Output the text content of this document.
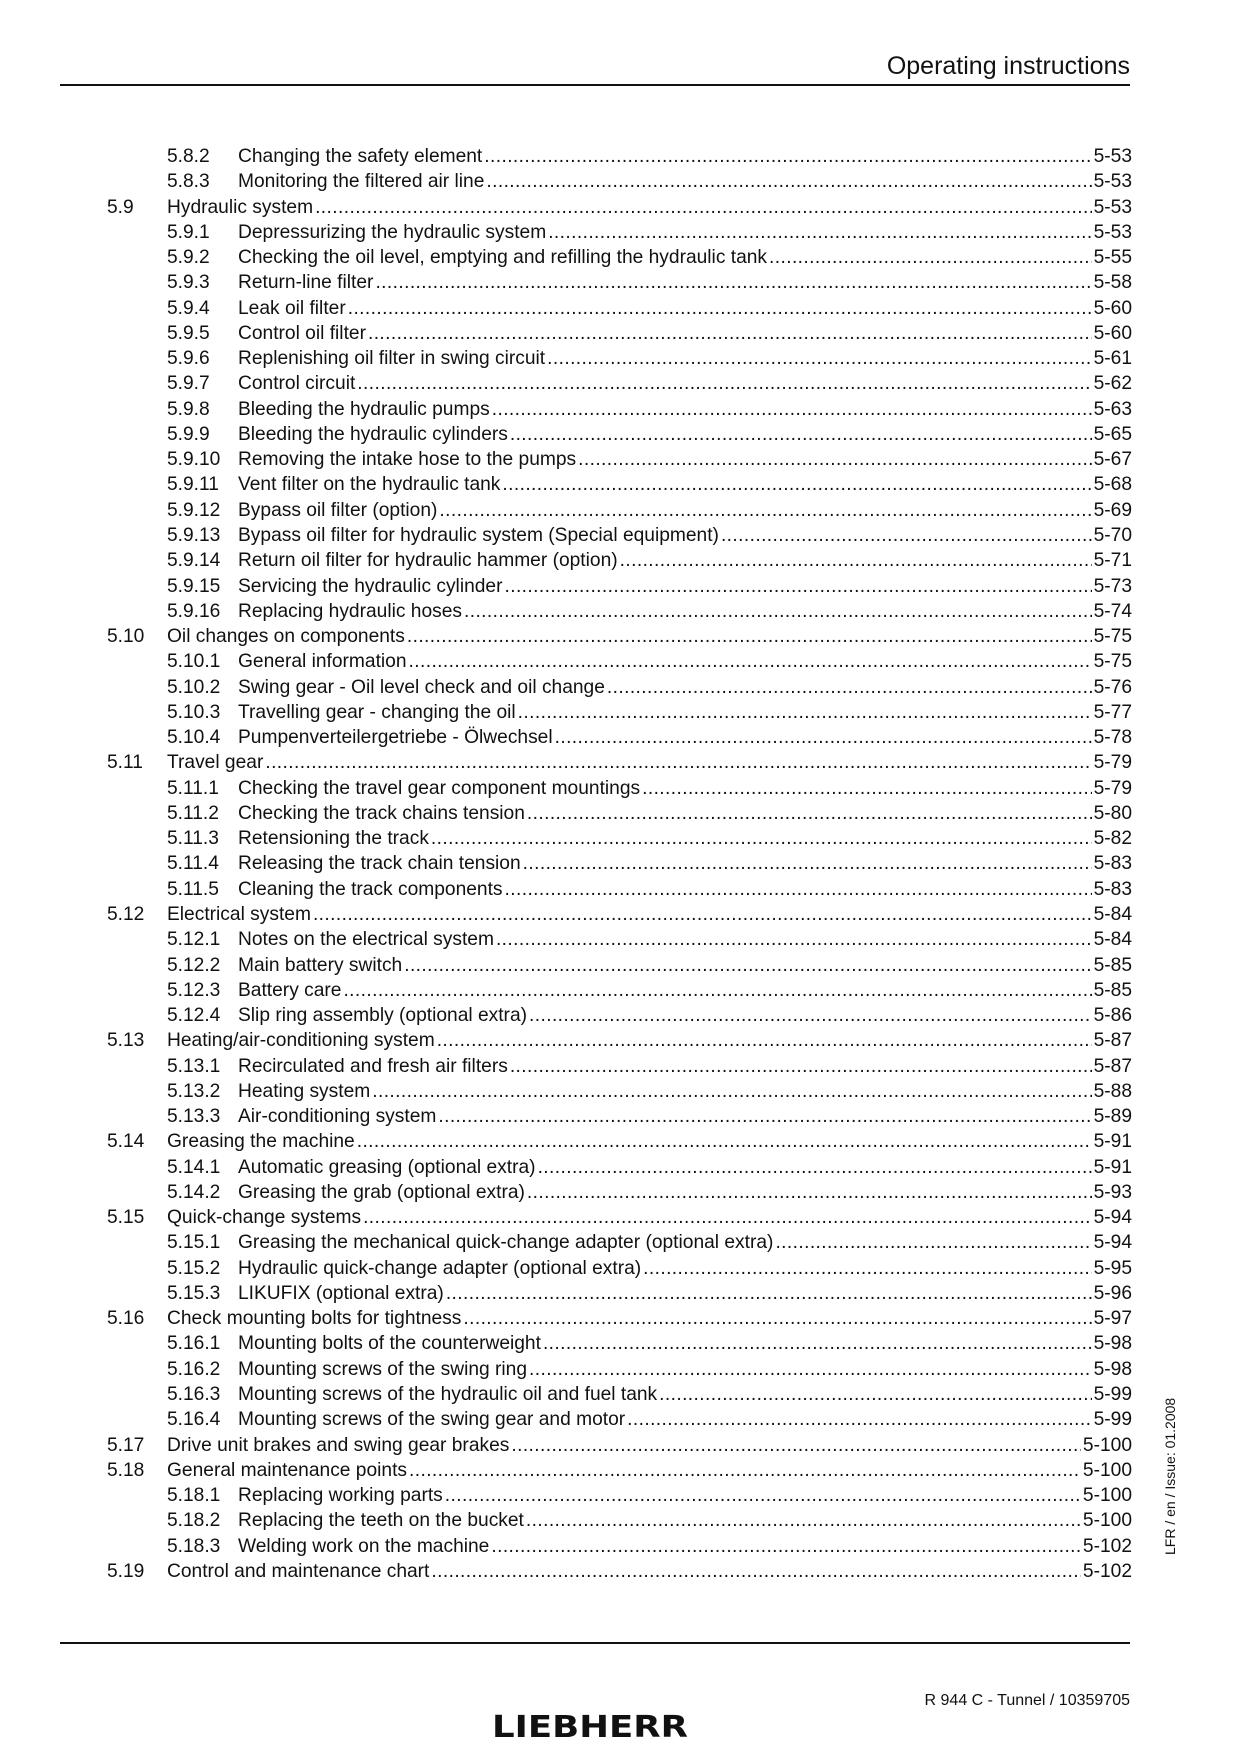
Operating instructions
5.8.2	Changing the safety element .....	5-53
5.8.3	Monitoring the filtered air line .....	5-53
5.9	Hydraulic system .....	5-53
5.9.1	Depressurizing the hydraulic system .....	5-53
5.9.2	Checking the oil level, emptying and refilling the hydraulic tank .....	5-55
5.9.3	Return-line filter .....	5-58
5.9.4	Leak oil filter .....	5-60
5.9.5	Control oil filter .....	5-60
5.9.6	Replenishing oil filter in swing circuit .....	5-61
5.9.7	Control circuit .....	5-62
5.9.8	Bleeding the hydraulic pumps .....	5-63
5.9.9	Bleeding the hydraulic cylinders .....	5-65
5.9.10 Removing the intake hose to the pumps .....	5-67
5.9.11 Vent filter on the hydraulic tank .....	5-68
5.9.12 Bypass oil filter (option) .....	5-69
5.9.13 Bypass oil filter for hydraulic system (Special equipment) .....	5-70
5.9.14 Return oil filter for hydraulic hammer (option) .....	5-71
5.9.15 Servicing the hydraulic cylinder .....	5-73
5.9.16 Replacing hydraulic hoses .....	5-74
5.10	Oil changes on components .....	5-75
5.10.1 General information .....	5-75
5.10.2 Swing gear - Oil level check and oil change .....	5-76
5.10.3 Travelling gear - changing the oil .....	5-77
5.10.4 Pumpenverteilergetriebe - Ölwechsel .....	5-78
5.11	Travel gear .....	5-79
5.11.1 Checking the travel gear component mountings .....	5-79
5.11.2 Checking the track chains tension .....	5-80
5.11.3 Retensioning the track .....	5-82
5.11.4 Releasing the track chain tension .....	5-83
5.11.5 Cleaning the track components .....	5-83
5.12	Electrical system .....	5-84
5.12.1 Notes on the electrical system .....	5-84
5.12.2 Main battery switch .....	5-85
5.12.3 Battery care .....	5-85
5.12.4 Slip ring assembly (optional extra) .....	5-86
5.13	Heating/air-conditioning system .....	5-87
5.13.1 Recirculated and fresh air filters .....	5-87
5.13.2 Heating system .....	5-88
5.13.3 Air-conditioning system .....	5-89
5.14	Greasing the machine .....	5-91
5.14.1 Automatic greasing (optional extra) .....	5-91
5.14.2 Greasing the grab (optional extra) .....	5-93
5.15	Quick-change systems .....	5-94
5.15.1 Greasing the mechanical quick-change adapter (optional extra) .....	5-94
5.15.2 Hydraulic quick-change adapter (optional extra) .....	5-95
5.15.3 LIKUFIX (optional extra) .....	5-96
5.16	Check mounting bolts for tightness .....	5-97
5.16.1 Mounting bolts of the counterweight .....	5-98
5.16.2 Mounting screws of the swing ring .....	5-98
5.16.3 Mounting screws of the hydraulic oil and fuel tank .....	5-99
5.16.4 Mounting screws of the swing gear and motor .....	5-99
5.17	Drive unit brakes and swing gear brakes .....	5-100
5.18	General maintenance points .....	5-100
5.18.1 Replacing working parts .....	5-100
5.18.2 Replacing the teeth on the bucket .....	5-100
5.18.3 Welding work on the machine .....	5-102
5.19	Control and maintenance chart .....	5-102
LFR / en / Issue: 01.2008
R 944 C - Tunnel / 10359705
LIEBHERR
